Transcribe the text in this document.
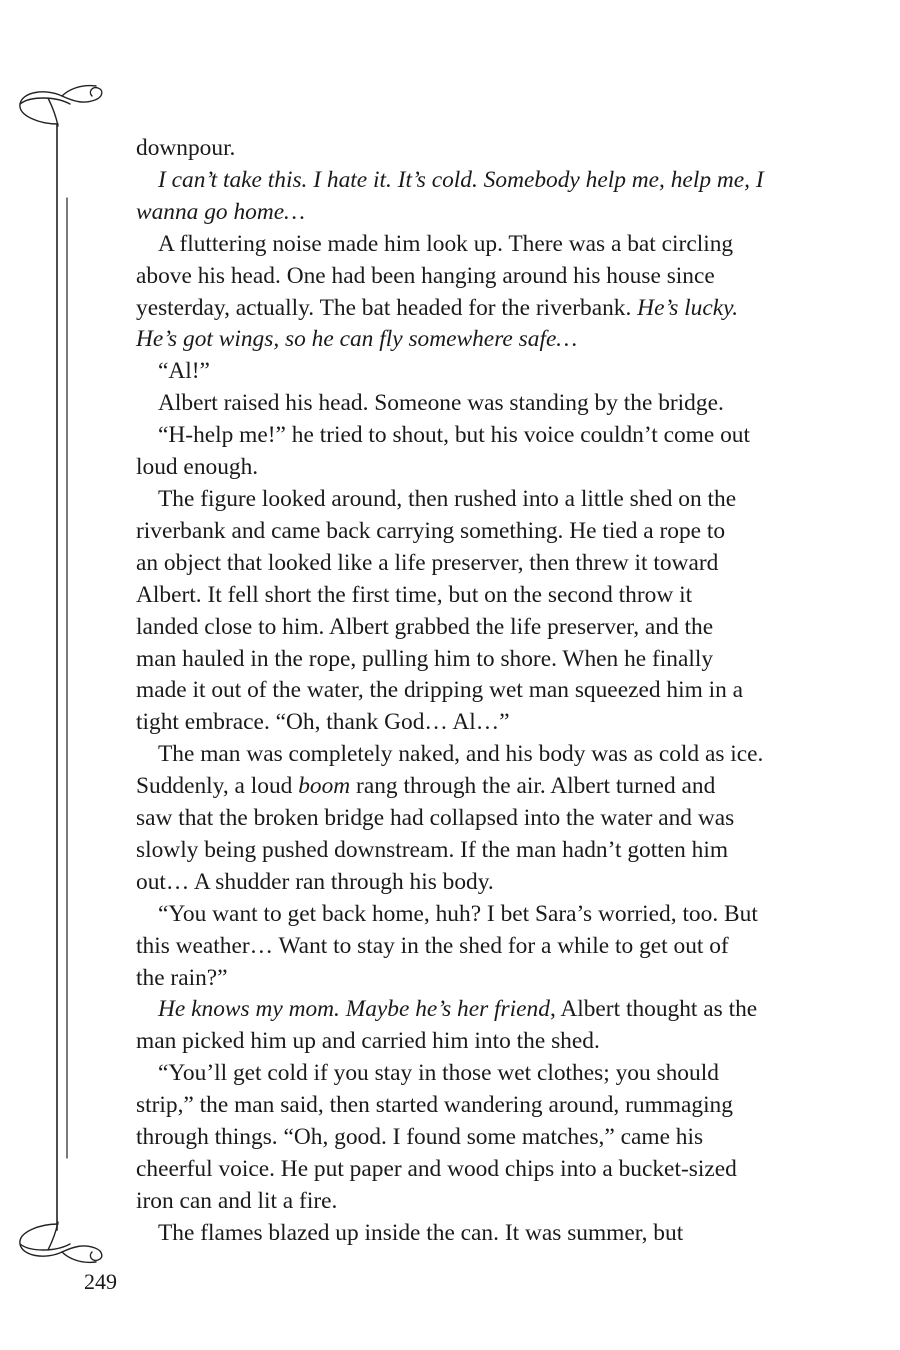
downpour.

I can’t take this. I hate it. It’s cold. Somebody help me, help me, I

wanna go home…

A fluttering noise made him look up. There was a bat circling

above his head. One had been hanging around his house since

yesterday, actually. The bat headed for the riverbank. He’s lucky.

He’s got wings, so he can fly somewhere safe…

“Al!”

Albert raised his head. Someone was standing by the bridge.

“H-help me!” he tried to shout, but his voice couldn’t come out

loud enough.

The figure looked around, then rushed into a little shed on the

riverbank and came back carrying something. He tied a rope to

an object that looked like a life preserver, then threw it toward

Albert. It fell short the first time, but on the second throw it

landed close to him. Albert grabbed the life preserver, and the

man hauled in the rope, pulling him to shore. When he finally

made it out of the water, the dripping wet man squeezed him in a

tight embrace. “Oh, thank God… Al…”

The man was completely naked, and his body was as cold as ice.

Suddenly, a loud boom rang through the air. Albert turned and

saw that the broken bridge had collapsed into the water and was

slowly being pushed downstream. If the man hadn’t gotten him

out… A shudder ran through his body.

“You want to get back home, huh? I bet Sara’s worried, too. But

this weather… Want to stay in the shed for a while to get out of

the rain?”

He knows my mom. Maybe he’s her friend, Albert thought as the

man picked him up and carried him into the shed.

“You’ll get cold if you stay in those wet clothes; you should

strip,” the man said, then started wandering around, rummaging

through things. “Oh, good. I found some matches,” came his

cheerful voice. He put paper and wood chips into a bucket-sized

iron can and lit a fire.

The flames blazed up inside the can. It was summer, but

249
